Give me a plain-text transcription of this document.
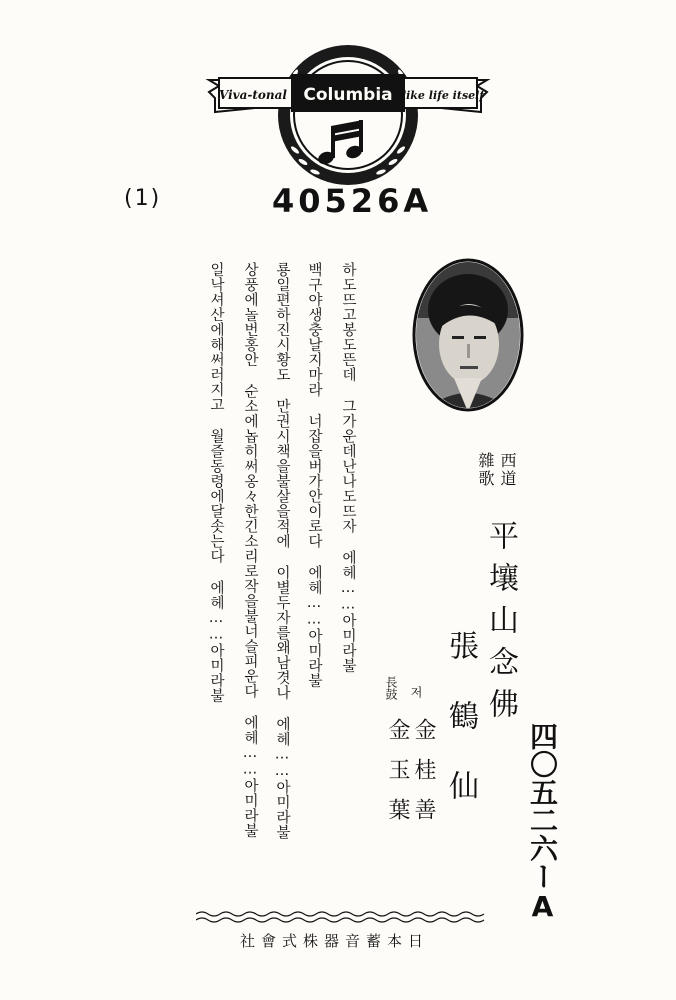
Viva-tonal Columbia like life itself
(1)	40526A
西道
雜歌
平壤山念佛
張鶴仙
저
長鼓
金桂善
金玉葉	四〇五二六ーA
하도뜨고봉도뜬데 그가운데난나도뜨자 에헤……아미라불
백구야생충날지마라 너잡을버가안이로다 에헤……아미라불
룡일편하진시황도 만권시책을불살을적에 이별두자를왜남겻나 에헤……아미라불
상풍에놀번홍안 순소에놉히써옹々한긴소리로작을불너슬피운다 에헤……아미라불
일낙셔산에해써러지고 월즐동령에달솟는다 에헤……아미라불
社會式株器音蓄本日
